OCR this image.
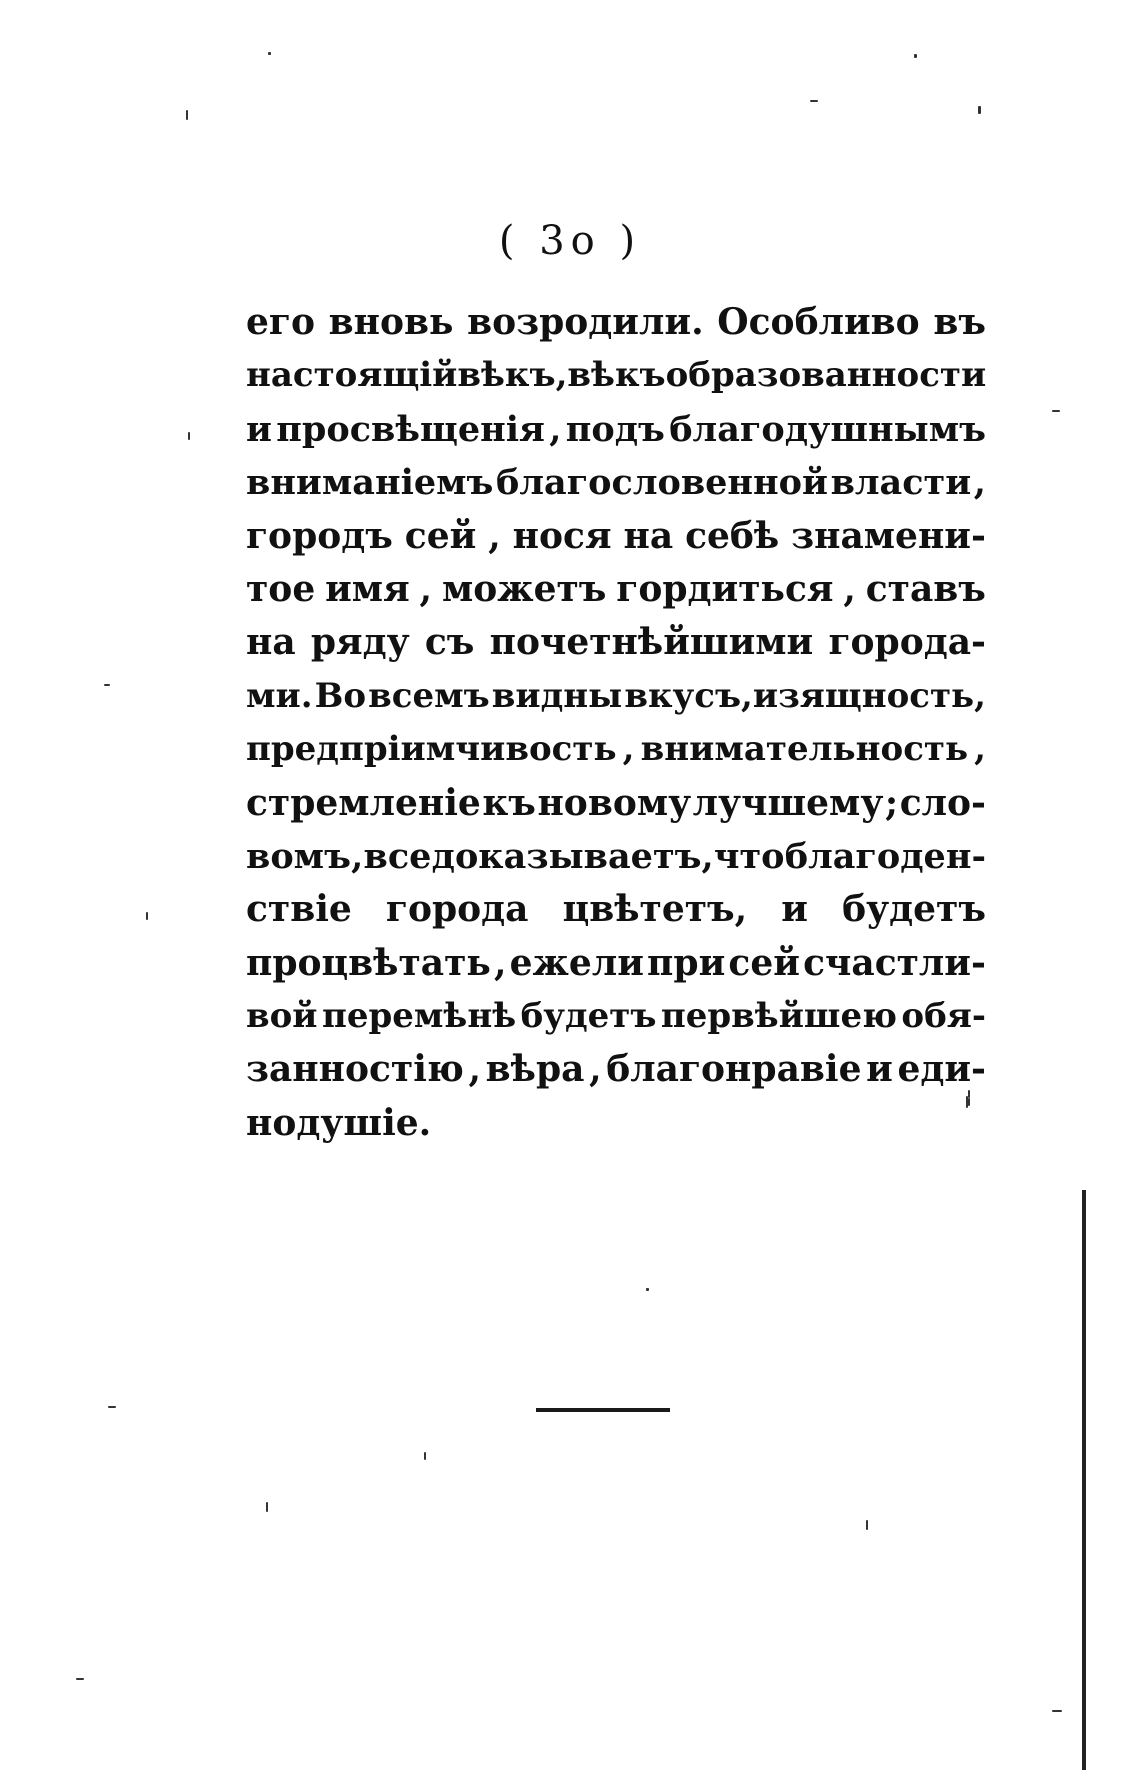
( 3o )
его вновь возродили. Особливо въ
настоящій вѣкъ , вѣкъ образованности
и просвѣщенія , подъ благодушнымъ
вниманіемъ благословенной власти ,
городъ сей , нося на себѣ знамени-
тое имя , можетъ гордиться , ставъ
на ряду съ почетнѣйшими города-
ми. Во всемъ видны вкусъ,изящность,
предпріимчивость , внимательность ,
стремленіе къ новому лучшему ; сло-
вомъ , все доказываетъ, что благоден-
ствіе города цвѣтетъ, и будетъ
процвѣтать , ежели при сей счастли-
вой перемѣнѣ будетъ первѣйшею обя-
занностію , вѣра , благонравіе и еди-
нодушіе.
